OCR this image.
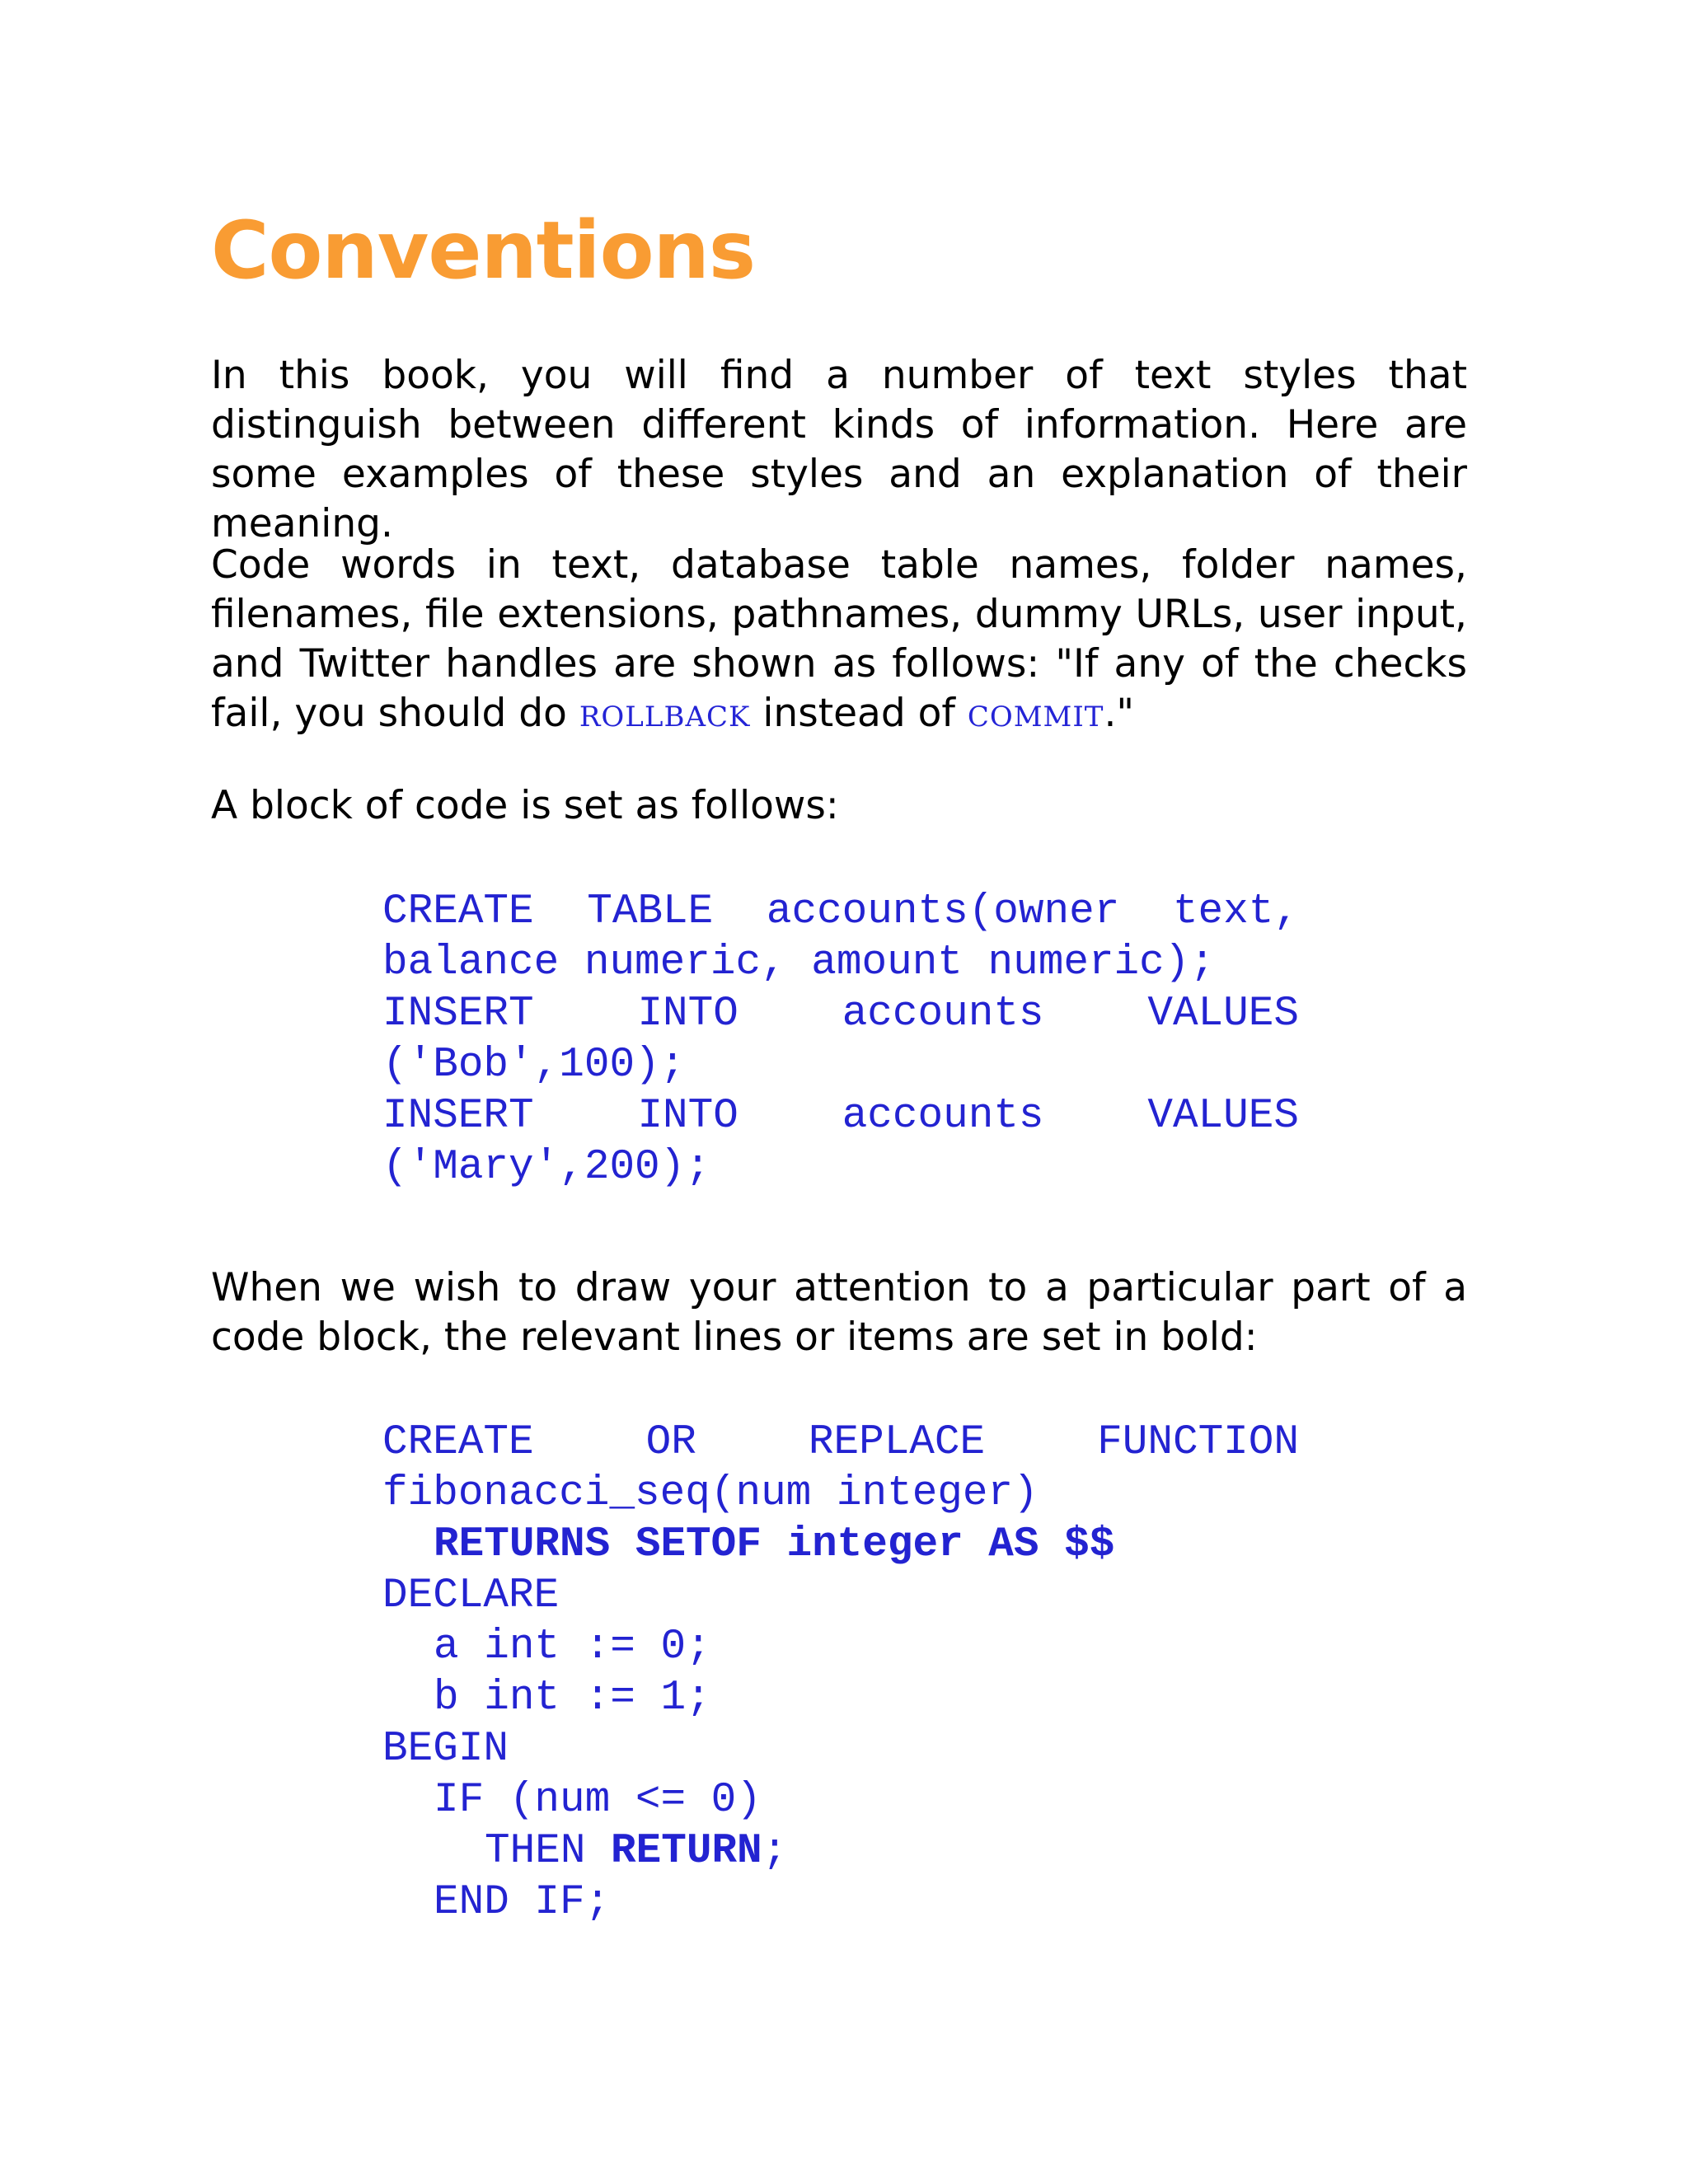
Conventions

In this book, you will find a number of text styles that distinguish between different kinds of information. Here are some examples of these styles and an explanation of their meaning.

Code words in text, database table names, folder names, filenames, file extensions, pathnames, dummy URLs, user input, and Twitter handles are shown as follows: "If any of the checks fail, you should do ROLLBACK instead of COMMIT."

A block of code is set as follows:

CREATE TABLE accounts(owner text,
balance numeric, amount numeric);
INSERT INTO accounts VALUES
('Bob',100);
INSERT INTO accounts VALUES
('Mary',200);

When we wish to draw your attention to a particular part of a code block, the relevant lines or items are set in bold:

CREATE	OR	REPLACE	FUNCTION
fibonacci_seq(num integer)
RETURNS SETOF integer AS $$
DECLARE
a int := 0;
b int := 1;
BEGIN
IF (num <= 0)
THEN RETURN;
END IF;
